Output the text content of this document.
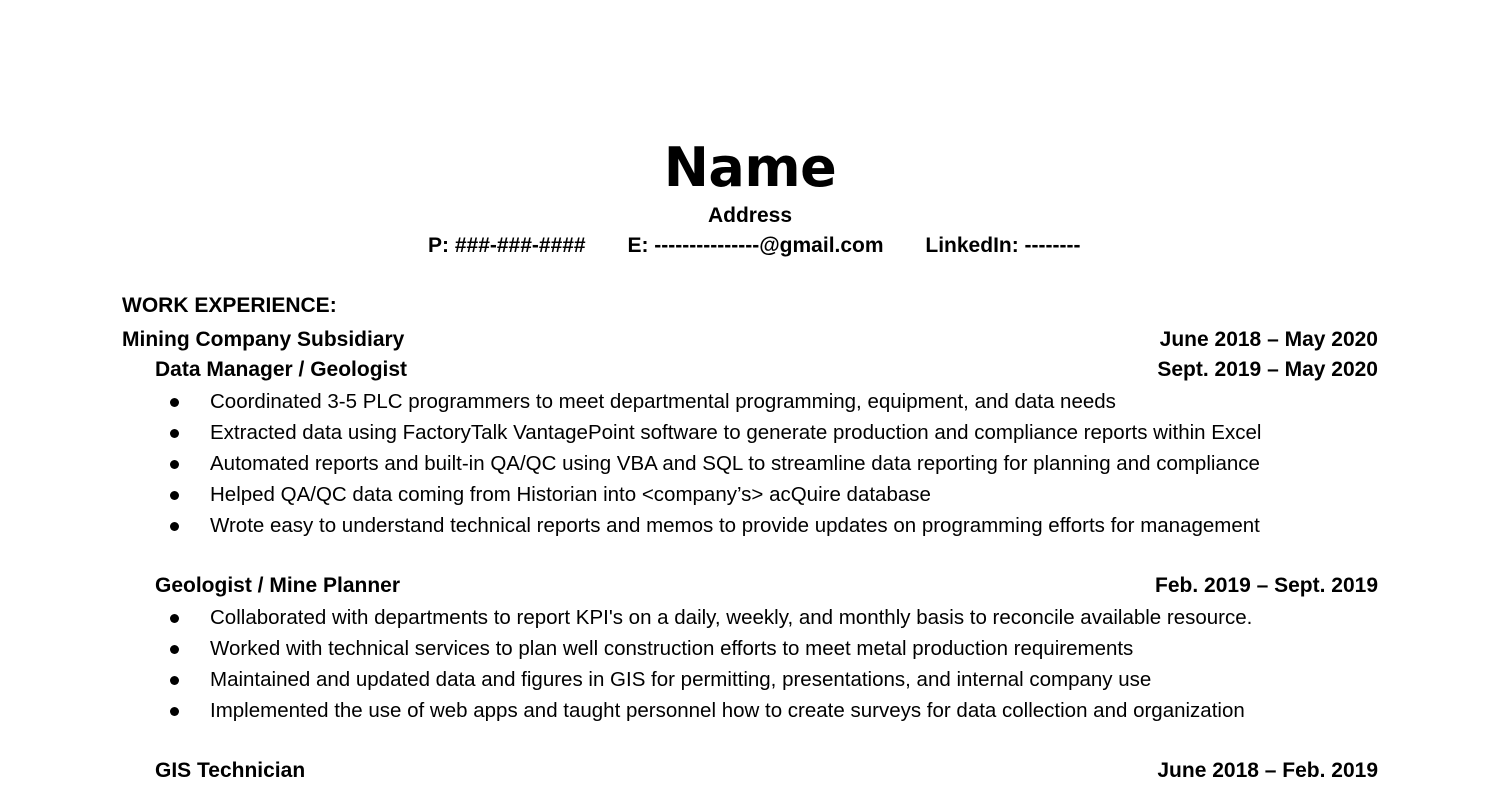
Name
Address
P: ###-###-#### E: ---------------@gmail.com LinkedIn: --------
WORK EXPERIENCE:
Mining Company Subsidiary	June 2018 – May 2020
Data Manager / Geologist	Sept. 2019 – May 2020
Coordinated 3-5 PLC programmers to meet departmental programming, equipment, and data needs
Extracted data using FactoryTalk VantagePoint software to generate production and compliance reports within Excel
Automated reports and built-in QA/QC using VBA and SQL to streamline data reporting for planning and compliance
Helped QA/QC data coming from Historian into <company’s> acQuire database
Wrote easy to understand technical reports and memos to provide updates on programming efforts for management
Geologist / Mine Planner	Feb. 2019 – Sept. 2019
Collaborated with departments to report KPI's on a daily, weekly, and monthly basis to reconcile available resource.
Worked with technical services to plan well construction efforts to meet metal production requirements
Maintained and updated data and figures in GIS for permitting, presentations, and internal company use
Implemented the use of web apps and taught personnel how to create surveys for data collection and organization
GIS Technician	June 2018 – Feb. 2019
